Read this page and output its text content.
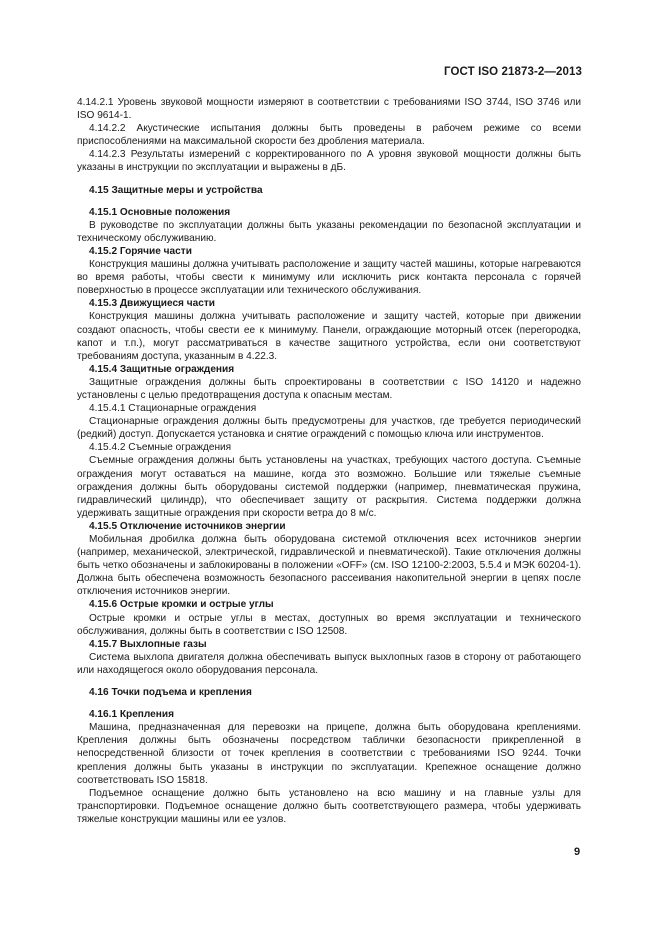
ГОСТ ISO 21873-2—2013

4.14.2.1 Уровень звуковой мощности измеряют в соответствии с требованиями ISO 3744, ISO 3746 или ISO 9614-1.

4.14.2.2 Акустические испытания должны быть проведены в рабочем режиме со всеми приспособлениями на максимальной скорости без дробления материала.

4.14.2.3 Результаты измерений с корректированного по А уровня звуковой мощности должны быть указаны в инструкции по эксплуатации и выражены в дБ.

4.15 Защитные меры и устройства

4.15.1 Основные положения

В руководстве по эксплуатации должны быть указаны рекомендации по безопасной эксплуатации и техническому обслуживанию.

4.15.2 Горячие части

Конструкция машины должна учитывать расположение и защиту частей машины, которые нагреваются во время работы, чтобы свести к минимуму или исключить риск контакта персонала с горячей поверхностью в процессе эксплуатации или технического обслуживания.

4.15.3 Движущиеся части

Конструкция машины должна учитывать расположение и защиту частей, которые при движении создают опасность, чтобы свести ее к минимуму. Панели, ограждающие моторный отсек (перегородка, капот и т.п.), могут рассматриваться в качестве защитного устройства, если они соответствуют требованиям доступа, указанным в 4.22.3.

4.15.4 Защитные ограждения

Защитные ограждения должны быть спроектированы в соответствии с ISO 14120 и надежно установлены с целью предотвращения доступа к опасным местам.

4.15.4.1 Стационарные ограждения

Стационарные ограждения должны быть предусмотрены для участков, где требуется периодический (редкий) доступ. Допускается установка и снятие ограждений с помощью ключа или инструментов.

4.15.4.2 Съемные ограждения

Съемные ограждения должны быть установлены на участках, требующих частого доступа. Съемные ограждения могут оставаться на машине, когда это возможно. Большие или тяжелые съемные ограждения должны быть оборудованы системой поддержки (например, пневматическая пружина, гидравлический цилиндр), что обеспечивает защиту от раскрытия. Система поддержки должна удерживать защитные ограждения при скорости ветра до 8 м/с.

4.15.5 Отключение источников энергии

Мобильная дробилка должна быть оборудована системой отключения всех источников энергии (например, механической, электрической, гидравлической и пневматической). Такие отключения должны быть четко обозначены и заблокированы в положении «OFF» (см. ISO 12100-2:2003, 5.5.4 и МЭК 60204-1). Должна быть обеспечена возможность безопасного рассеивания накопительной энергии в цепях после отключения источников энергии.

4.15.6 Острые кромки и острые углы

Острые кромки и острые углы в местах, доступных во время эксплуатации и технического обслуживания, должны быть в соответствии с ISO 12508.

4.15.7 Выхлопные газы

Система выхлопа двигателя должна обеспечивать выпуск выхлопных газов в сторону от работающего или находящегося около оборудования персонала.

4.16 Точки подъема и крепления

4.16.1 Крепления

Машина, предназначенная для перевозки на прицепе, должна быть оборудована креплениями. Крепления должны быть обозначены посредством таблички безопасности прикрепленной в непосредственной близости от точек крепления в соответствии с требованиями ISO 9244. Точки крепления должны быть указаны в инструкции по эксплуатации. Крепежное оснащение должно соответствовать ISO 15818.

Подъемное оснащение должно быть установлено на всю машину и на главные узлы для транспортировки. Подъемное оснащение должно быть соответствующего размера, чтобы удерживать тяжелые конструкции машины или ее узлов.

9
